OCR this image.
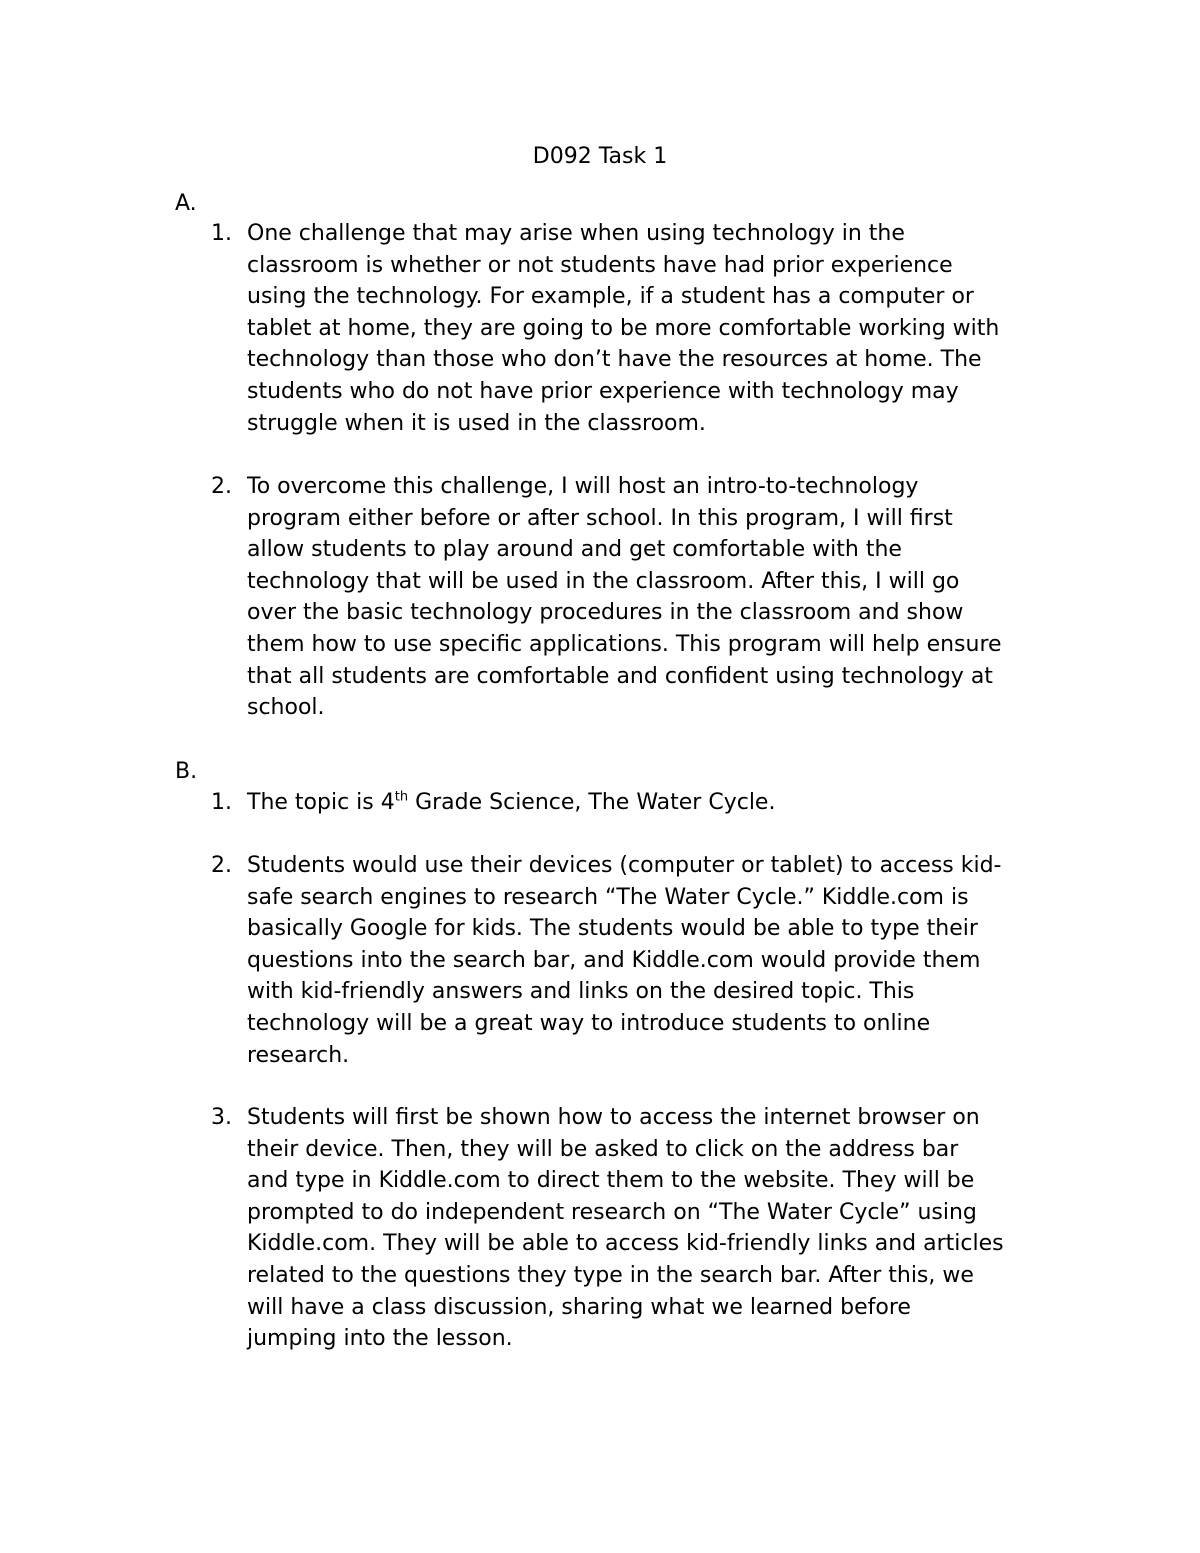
D092 Task 1
A.
1. One challenge that may arise when using technology in the
classroom is whether or not students have had prior experience
using the technology. For example, if a student has a computer or
tablet at home, they are going to be more comfortable working with
technology than those who don’t have the resources at home. The
students who do not have prior experience with technology may
struggle when it is used in the classroom.
2. To overcome this challenge, I will host an intro-to-technology
program either before or after school. In this program, I will first
allow students to play around and get comfortable with the
technology that will be used in the classroom. After this, I will go
over the basic technology procedures in the classroom and show
them how to use specific applications. This program will help ensure
that all students are comfortable and confident using technology at
school.
B.
1. The topic is 4th Grade Science, The Water Cycle.
2. Students would use their devices (computer or tablet) to access kid-
safe search engines to research “The Water Cycle.” Kiddle.com is
basically Google for kids. The students would be able to type their
questions into the search bar, and Kiddle.com would provide them
with kid-friendly answers and links on the desired topic. This
technology will be a great way to introduce students to online
research.
3. Students will first be shown how to access the internet browser on
their device. Then, they will be asked to click on the address bar
and type in Kiddle.com to direct them to the website. They will be
prompted to do independent research on “The Water Cycle” using
Kiddle.com. They will be able to access kid-friendly links and articles
related to the questions they type in the search bar. After this, we
will have a class discussion, sharing what we learned before
jumping into the lesson.
